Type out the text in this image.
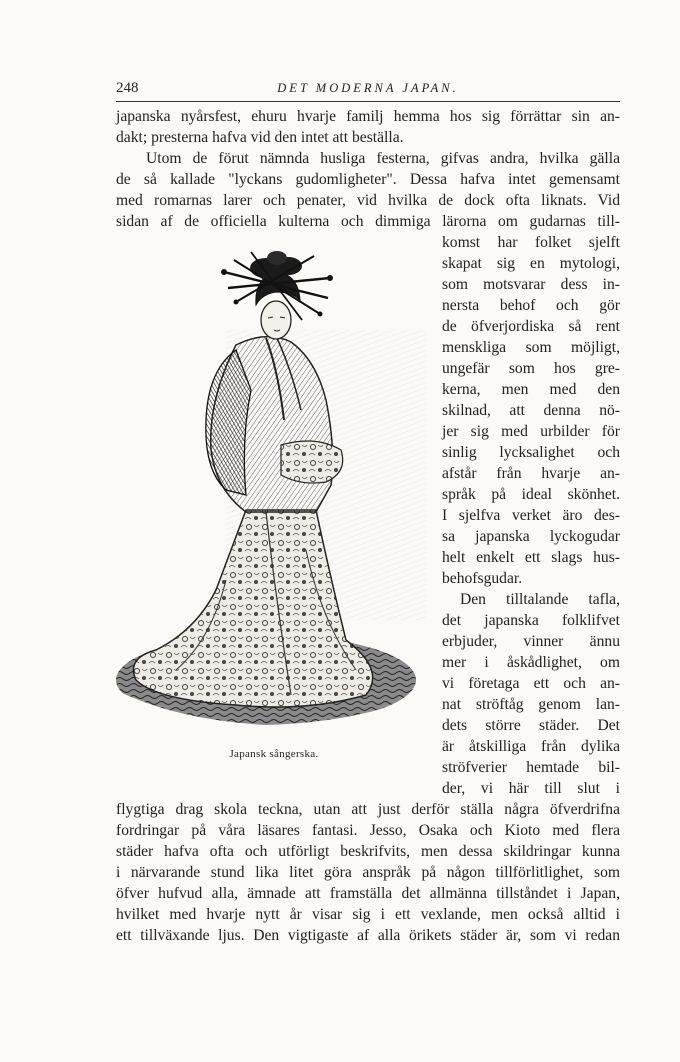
248	DET MODERNA JAPAN.
japanska nyårsfest, ehuru hvarje familj hemma hos sig förrättar sin an-
dakt; presterna hafva vid den intet att beställa.
Utom de förut nämnda husliga festerna, gifvas andra, hvilka gälla
de så kallade "lyckans gudomligheter". Dessa hafva intet gemensamt
med romarnas larer och penater, vid hvilka de dock ofta liknats. Vid
sidan af de officiella kulterna och dimmiga lärorna om gudarnas till-
komst har folket sjelft
skapat sig en mytologi,
som motsvarar dess in-
nersta behof och gör
de öfverjordiska så rent
menskliga som möjligt,
ungefär som hos gre-
kerna, men med den
skilnad, att denna nö-
jer sig med urbilder för
sinlig lycksalighet och
afstår från hvarje an-
språk på ideal skönhet.
I sjelfva verket äro des-
sa japanska lyckogudar
helt enkelt ett slags hus-
behofsgudar.
Den tilltalande tafla,
det japanska folklifvet
erbjuder, vinner ännu
mer i åskådlighet, om
vi företaga ett och an-
nat ströftåg genom lan-
dets större städer. Det
är åtskilliga från dylika
ströfverier hemtade bil-
der, vi här till slut i
flygtiga drag skola teckna, utan att just derför ställa några öfverdrifna
fordringar på våra läsares fantasi. Jesso, Osaka och Kioto med flera
städer hafva ofta och utförligt beskrifvits, men dessa skildringar kunna
i närvarande stund lika litet göra anspråk på någon tillförlitlighet, som
öfver hufvud alla, ämnade att framställa det allmänna tillståndet i Japan,
hvilket med hvarje nytt år visar sig i ett vexlande, men också alltid i
ett tillväxande ljus. Den vigtigaste af alla örikets städer är, som vi redan
Japansk sångerska.
